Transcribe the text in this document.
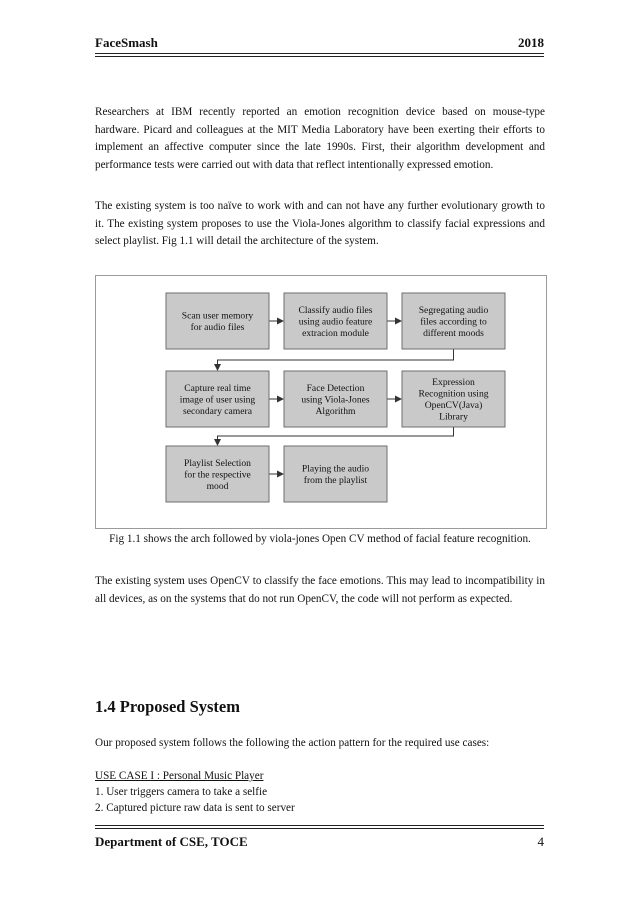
FaceSmash	2018

Researchers at IBM recently reported an emotion recognition device based on mouse-type hardware. Picard and colleagues at the MIT Media Laboratory have been exerting their efforts to implement an affective computer since the late 1990s. First, their algorithm development and performance tests were carried out with data that reflect intentionally expressed emotion.

The existing system is too naïve to work with and can not have any further evolutionary growth to it. The existing system proposes to use the Viola-Jones algorithm to classify facial expressions and select playlist. Fig 1.1 will detail the architecture of the system.

Scan user memory
for audio files
Classify audio files
using audio feature
extracion module
Segregating audio
files according to
different moods
Capture real time
image of user using
secondary camera
Face Detection
using Viola-Jones
Algorithm
Expression
Recognition using
OpenCV(Java)
Library
Playlist Selection
for the respective
mood
Playing the audio
from the playlist
Fig 1.1 shows the arch followed by viola-jones Open CV method of facial feature recognition.

The existing system uses OpenCV to classify the face emotions. This may lead to incompatibility in all devices, as on the systems that do not run OpenCV, the code will not perform as expected.

1.4 Proposed System
Our proposed system follows the following the action pattern for the required use cases:
USE CASE I : Personal Music Player
1. User triggers camera to take a selfie
2. Captured picture raw data is sent to server
Department of CSE, TOCE	4
